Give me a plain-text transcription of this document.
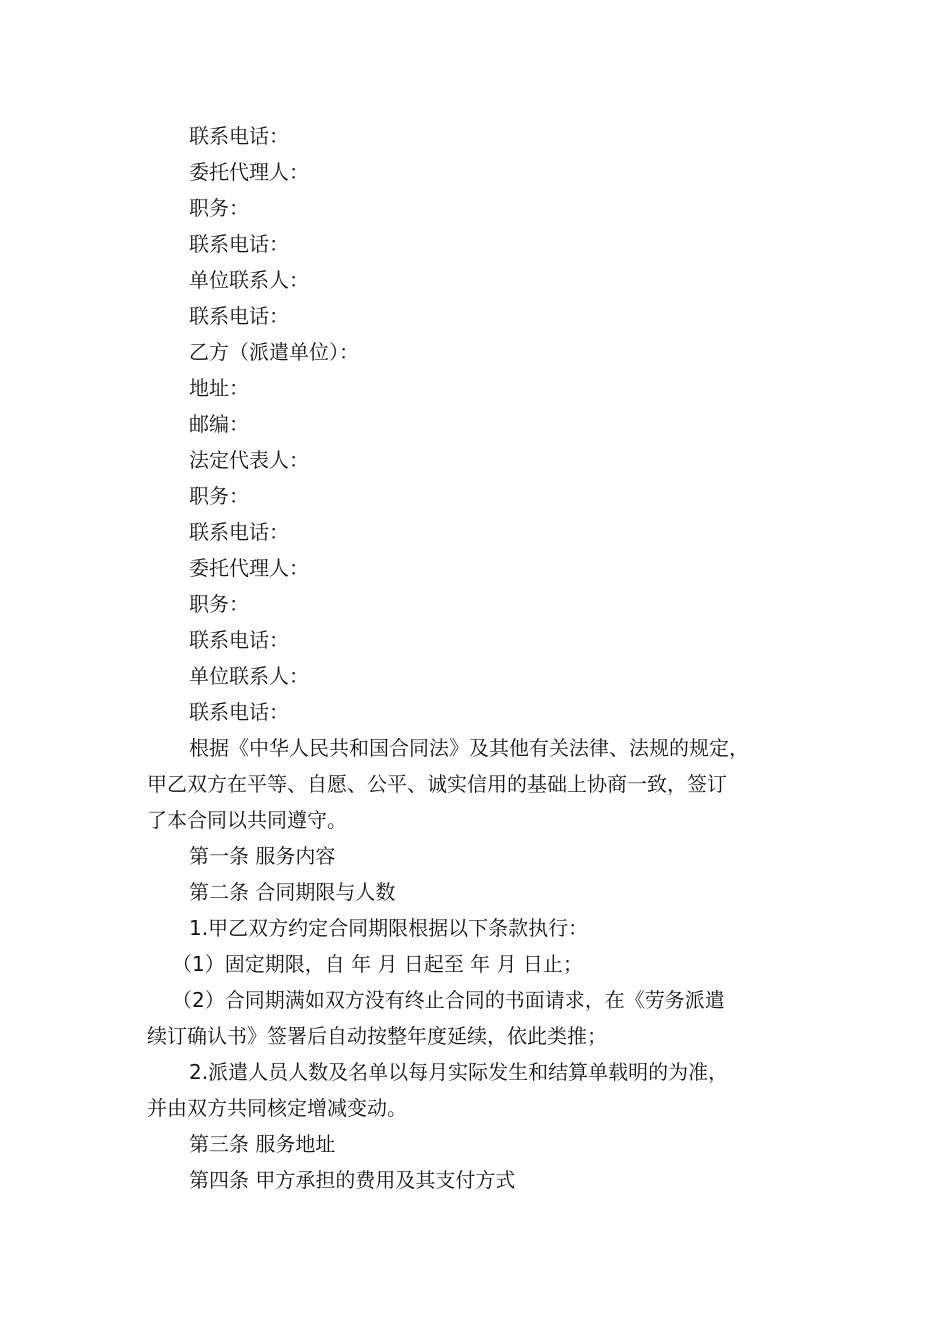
联系电话：

委托代理人：

职务：

联系电话：

单位联系人：

联系电话：

乙方（派遣单位）：

地址：

邮编：

法定代表人：

职务：

联系电话：

委托代理人：

职务：

联系电话：

单位联系人：

联系电话：

根据《中华人民共和国合同法》及其他有关法律、法规的规定，

甲乙双方在平等、自愿、公平、诚实信用的基础上协商一致，签订

了本合同以共同遵守。

第一条 服务内容

第二条 合同期限与人数

1.甲乙双方约定合同期限根据以下条款执行：

（1）固定期限，自 年 月 日起至 年 月 日止；

（2）合同期满如双方没有终止合同的书面请求，在《劳务派遣

续订确认书》签署后自动按整年度延续，依此类推；

2.派遣人员人数及名单以每月实际发生和结算单载明的为准，

并由双方共同核定增减变动。

第三条 服务地址

第四条 甲方承担的费用及其支付方式
